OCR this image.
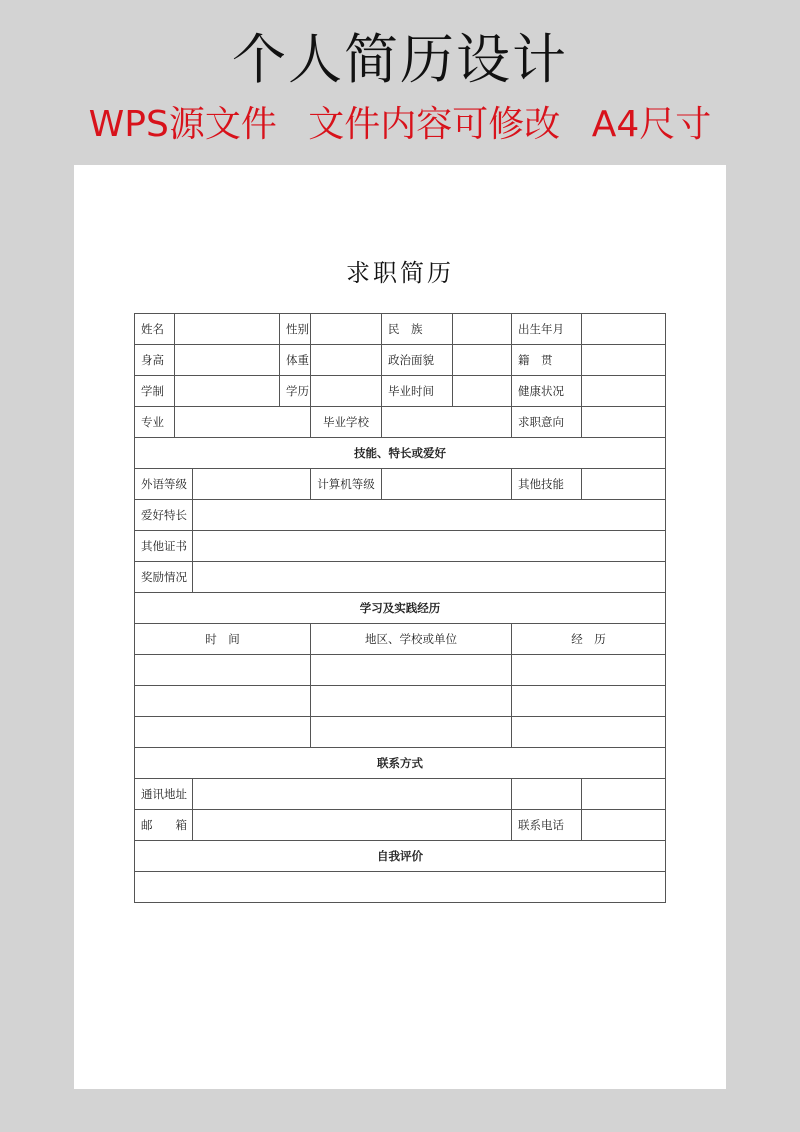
个人简历设计
WPS源文件 文件内容可修改 A4尺寸
求职简历
姓名			性别		民　族		出生年月	
身高			体重		政治面貌		籍　贯	
学制			学历		毕业时间		健康状况	
专业				毕业学校			求职意向	
技能、特长或爱好								
外语等级				计算机等级			其他技能	
爱好特长								
其他证书								
奖励情况								
学习及实践经历								
时　间				地区、学校或单位			经　历	

联系方式								
通讯地址								
邮　　箱							联系电话	
自我评价								
